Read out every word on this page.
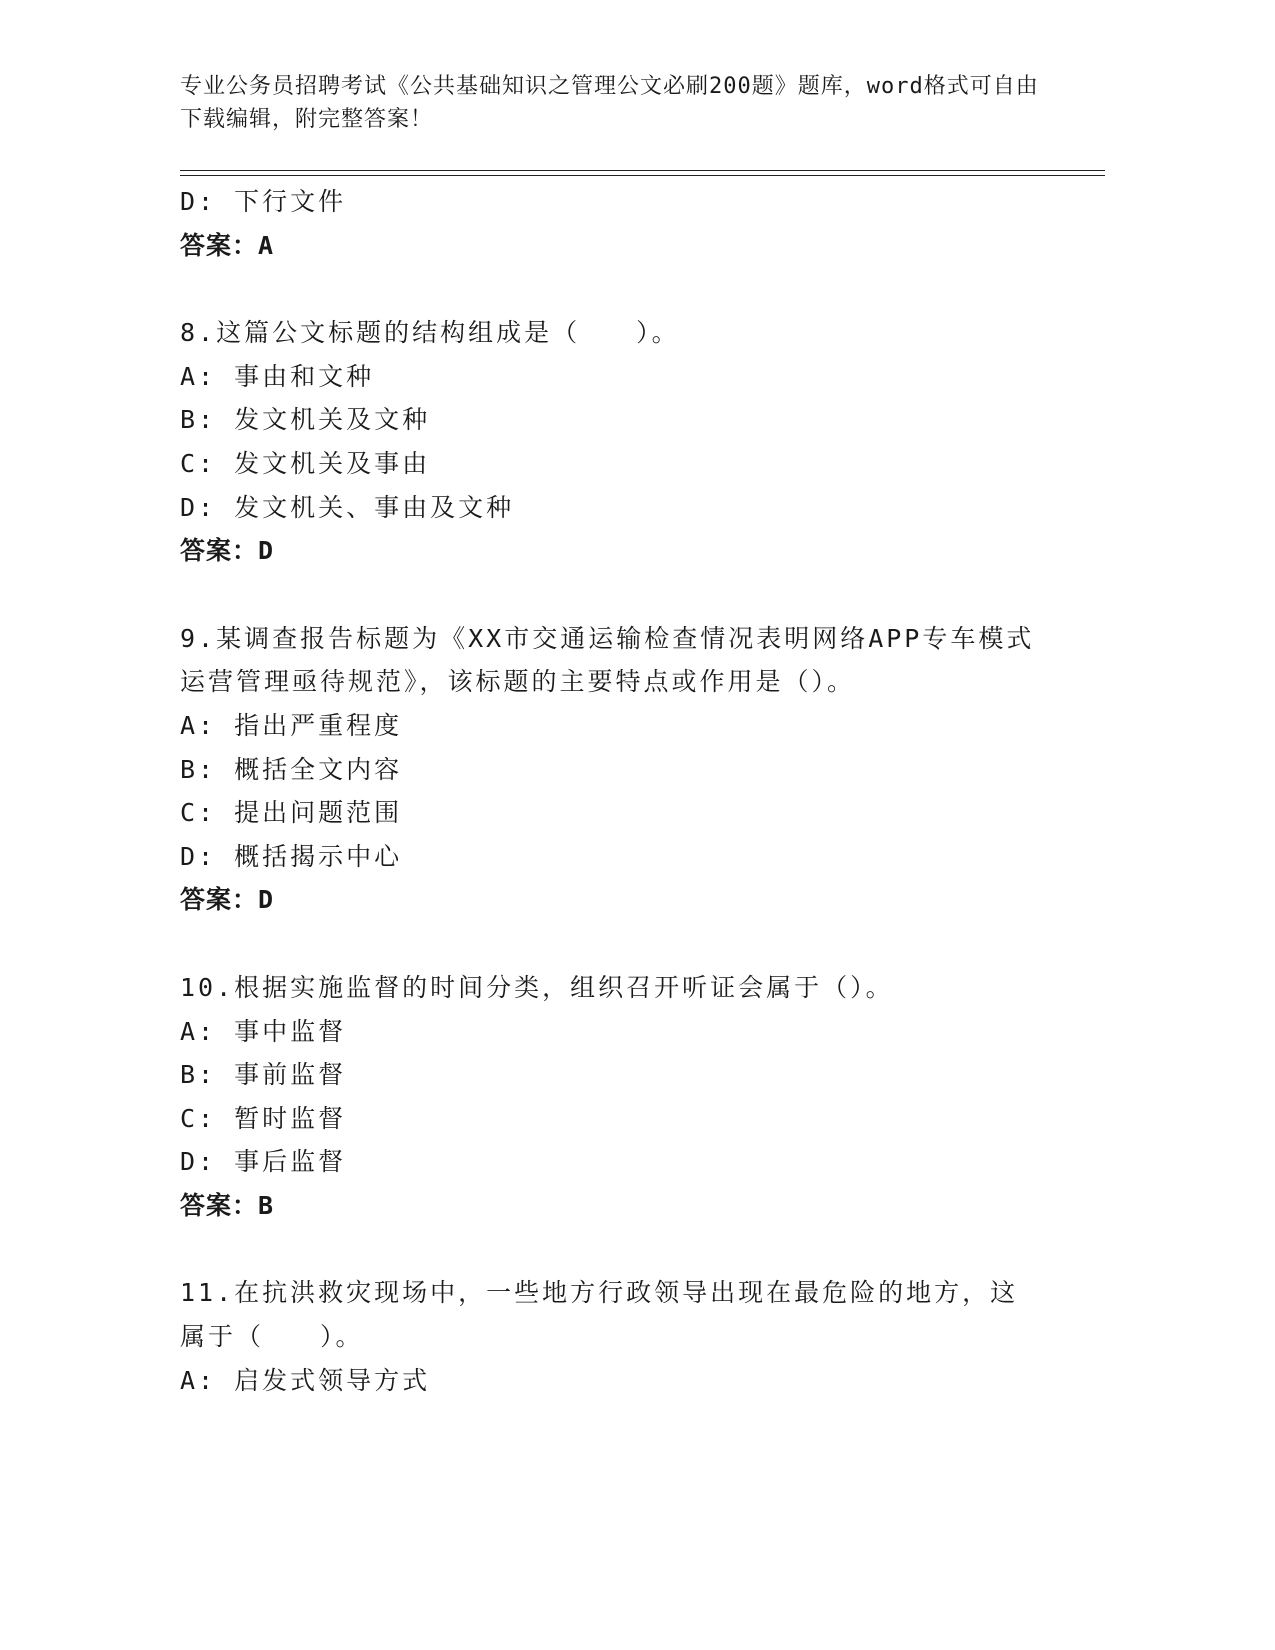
专业公务员招聘考试《公共基础知识之管理公文必刷200题》题库，word格式可自由下载编辑，附完整答案！
D: 下行文件
答案：A
8.这篇公文标题的结构组成是（　　）。
A: 事由和文种
B: 发文机关及文种
C: 发文机关及事由
D: 发文机关、事由及文种
答案：D
9.某调查报告标题为《XX市交通运输检查情况表明网络APP专车模式运营管理亟待规范》，该标题的主要特点或作用是（）。
A: 指出严重程度
B: 概括全文内容
C: 提出问题范围
D: 概括揭示中心
答案：D
10.根据实施监督的时间分类，组织召开听证会属于（）。
A: 事中监督
B: 事前监督
C: 暂时监督
D: 事后监督
答案：B
11.在抗洪救灾现场中，一些地方行政领导出现在最危险的地方，这属于（　　）。
A: 启发式领导方式
